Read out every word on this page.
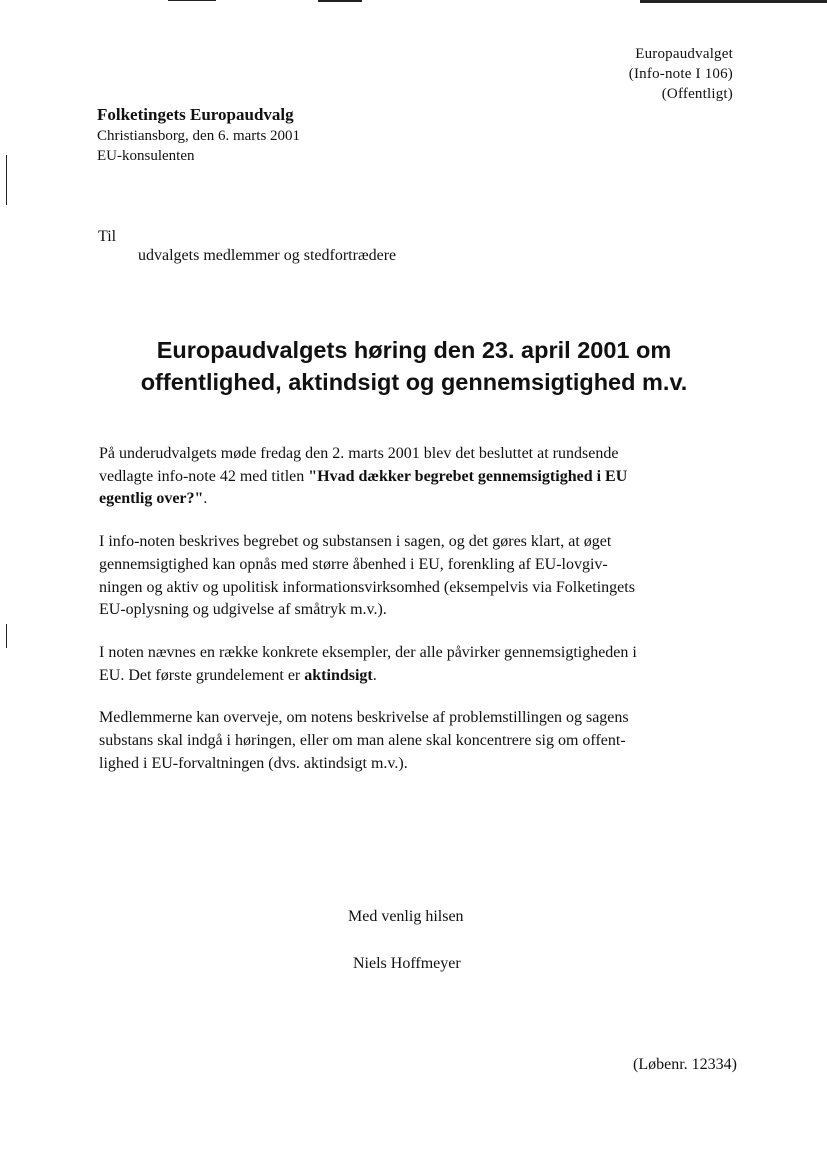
Europaudvalget
(Info-note I 106)
(Offentligt)
Folketingets Europaudvalg
Christiansborg, den 6. marts 2001
EU-konsulenten
Til
udvalgets medlemmer og stedfortrædere
Europaudvalgets høring den 23. april 2001 om
offentlighed, aktindsigt og gennemsigtighed m.v.

På underudvalgets møde fredag den 2. marts 2001 blev det besluttet at rundsende
vedlagte info-note 42 med titlen "Hvad dækker begrebet gennemsigtighed i EU
egentlig over?".

I info-noten beskrives begrebet og substansen i sagen, og det gøres klart, at øget
gennemsigtighed kan opnås med større åbenhed i EU, forenkling af EU-lovgiv-
ningen og aktiv og upolitisk informationsvirksomhed (eksempelvis via Folketingets
EU-oplysning og udgivelse af småtryk m.v.).

I noten nævnes en række konkrete eksempler, der alle påvirker gennemsigtigheden i
EU. Det første grundelement er aktindsigt.

Medlemmerne kan overveje, om notens beskrivelse af problemstillingen og sagens
substans skal indgå i høringen, eller om man alene skal koncentrere sig om offent-
lighed i EU-forvaltningen (dvs. aktindsigt m.v.).

Med venlig hilsen
Niels Hoffmeyer
(Løbenr. 12334)
